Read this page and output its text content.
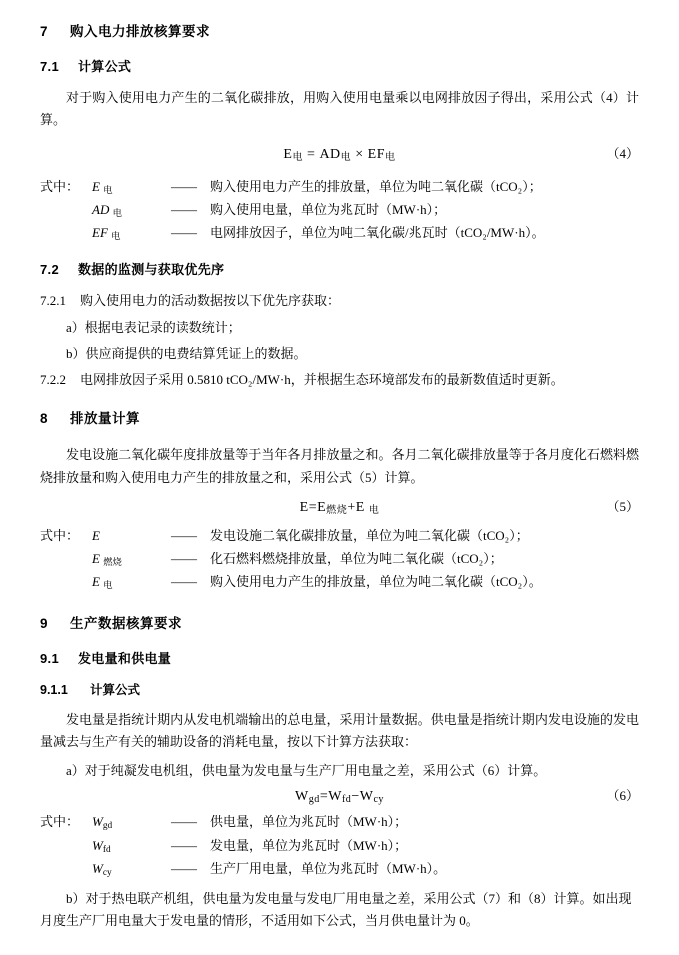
7 购入电力排放核算要求
7.1 计算公式

对于购入使用电力产生的二氧化碳排放，用购入使用电量乘以电网排放因子得出，采用公式（4）计算。

$E_电 = AD_电 \times EF_电$	（4）
式中： E $_电$	——	购入使用电力产生的排放量，单位为吨二氧化碳（tCO₂）；
AD $_电$	——	购入使用电量，单位为兆瓦时（MW·h）；
EF $_电$	——	电网排放因子，单位为吨二氧化碳/兆瓦时（tCO₂/MW·h）。
7.2 数据的监测与获取优先序

7.2.1 购入使用电力的活动数据按以下优先序获取：

a）根据电表记录的读数统计；

b）供应商提供的电费结算凭证上的数据。

7.2.2 电网排放因子采用 0.5810 tCO₂/MW·h，并根据生态环境部发布的最新数值适时更新。

8 排放量计算

发电设施二氧化碳年度排放量等于当年各月排放量之和。各月二氧化碳排放量等于各月度化石燃料燃烧排放量和购入使用电力产生的排放量之和，采用公式（5）计算。

$E=E_{燃烧}+E$ $_电$	（5）
式中： E	——	发电设施二氧化碳排放量，单位为吨二氧化碳（tCO₂）；
E $_{燃烧}$	——	化石燃料燃烧排放量，单位为吨二氧化碳（tCO₂）；
E $_电$	——	购入使用电力产生的排放量，单位为吨二氧化碳（tCO₂）。
9 生产数据核算要求
9.1 发电量和供电量
9.1.1 计算公式

发电量是指统计期内从发电机端输出的总电量，采用计量数据。供电量是指统计期内发电设施的发电量减去与生产有关的辅助设备的消耗电量，按以下计算方法获取：

a）对于纯凝发电机组，供电量为发电量与生产厂用电量之差，采用公式（6）计算。

$W_{gd}=W_{fd}-W_{cy}$	（6）
式中： $W_{gd}$	——	供电量，单位为兆瓦时（MW·h）；
$W_{fd}$	——	发电量，单位为兆瓦时（MW·h）；
$W_{cy}$	——	生产厂用电量，单位为兆瓦时（MW·h）。

b）对于热电联产机组，供电量为发电量与发电厂用电量之差，采用公式（7）和（8）计算。如出现月度生产厂用电量大于发电量的情形，不适用如下公式，当月供电量计为 0。
